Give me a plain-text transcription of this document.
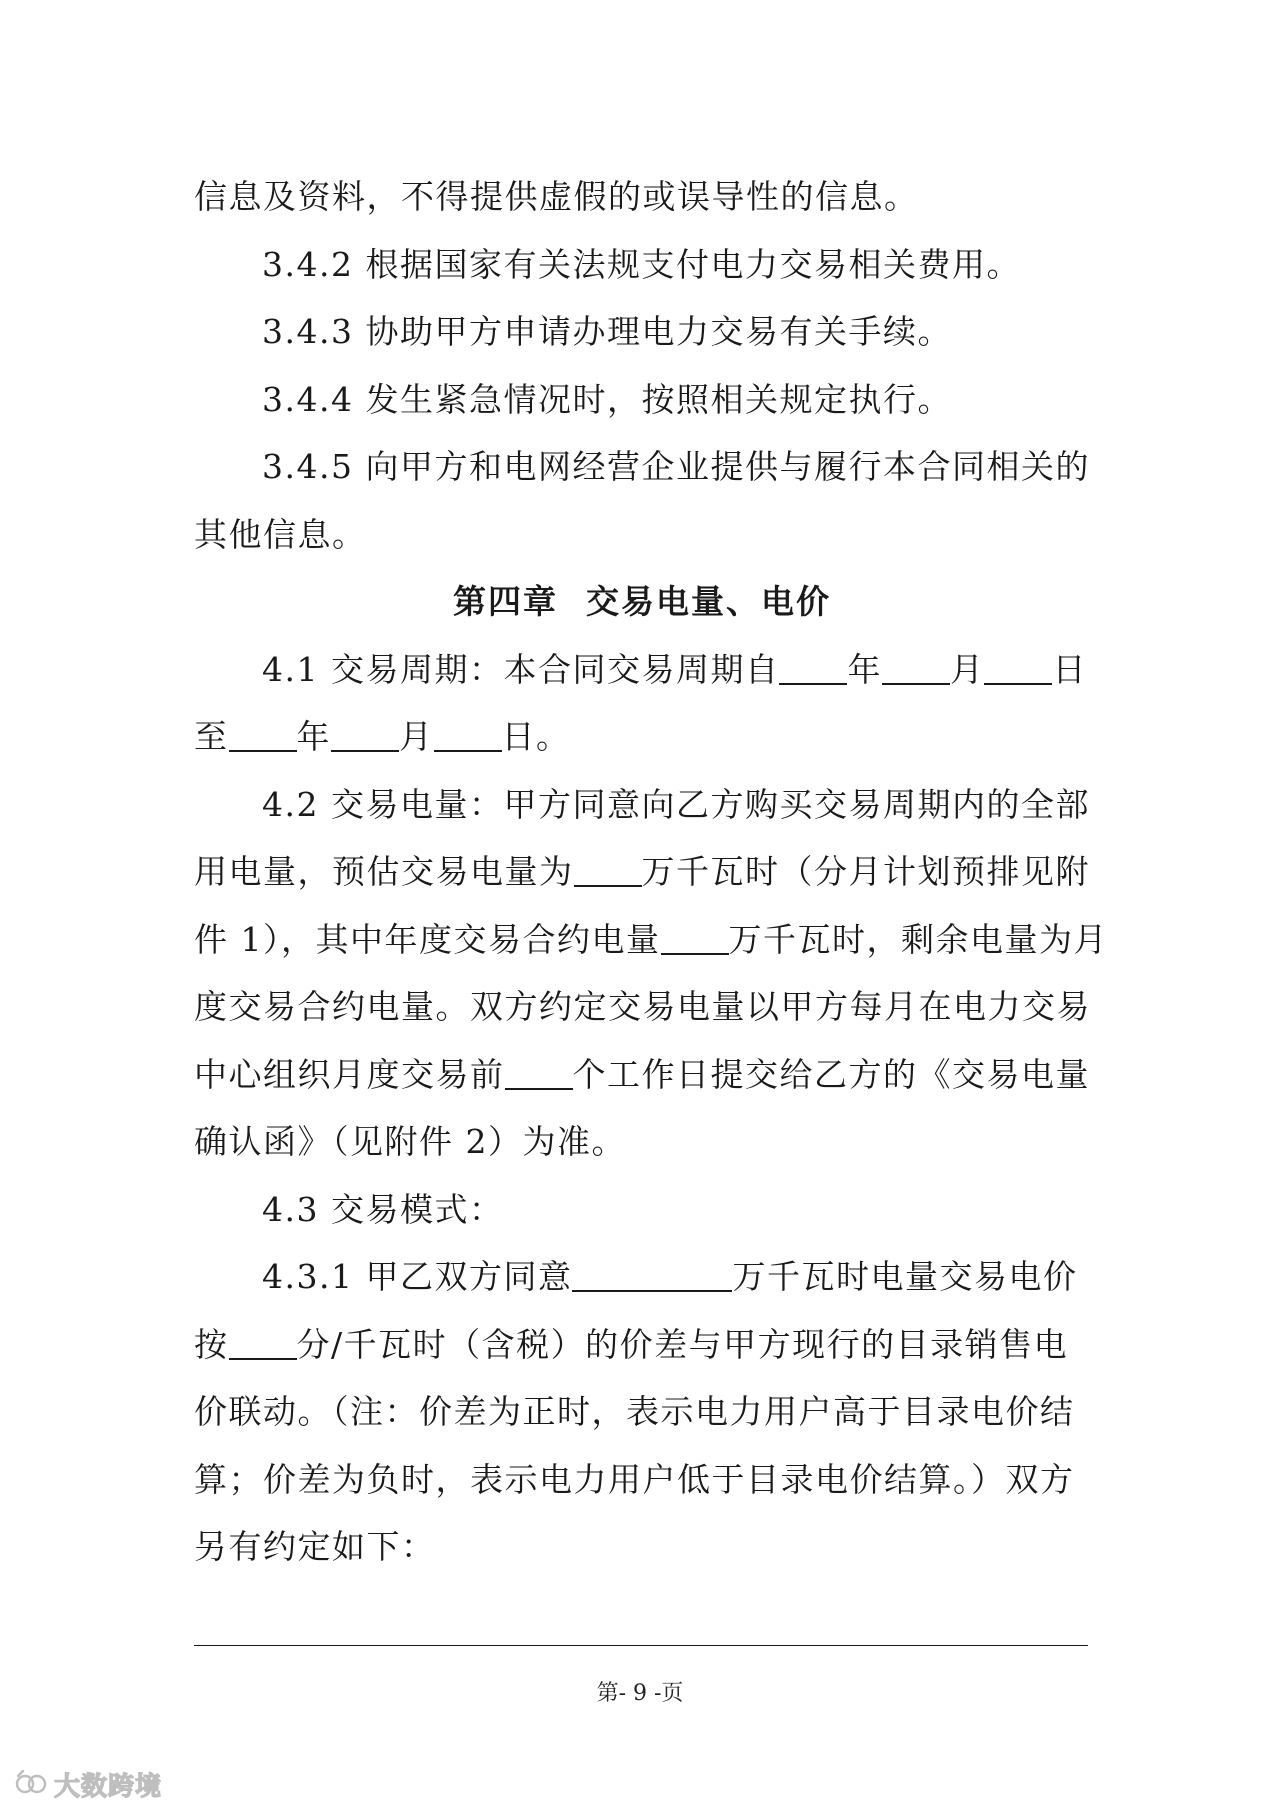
信息及资料，不得提供虚假的或误导性的信息。
3.4.2 根据国家有关法规支付电力交易相关费用。
3.4.3 协助甲方申请办理电力交易有关手续。
3.4.4 发生紧急情况时，按照相关规定执行。
3.4.5 向甲方和电网经营企业提供与履行本合同相关的
其他信息。
第四章 交易电量、电价
4.1 交易周期：本合同交易周期自 年 月 日
至 年 月 日。
4.2 交易电量：甲方同意向乙方购买交易周期内的全部
用电量，预估交易电量为 万千瓦时（分月计划预排见附
件 1），其中年度交易合约电量 万千瓦时，剩余电量为月
度交易合约电量。双方约定交易电量以甲方每月在电力交易
中心组织月度交易前 个工作日提交给乙方的《交易电量
确认函》（见附件 2）为准。
4.3 交易模式：
4.3.1 甲乙双方同意	万千瓦时电量交易电价
按 分/千瓦时（含税）的价差与甲方现行的目录销售电
价联动。（注：价差为正时，表示电力用户高于目录电价结
算；价差为负时，表示电力用户低于目录电价结算。）双方
另有约定如下：
第- 9 -页
大数跨境
